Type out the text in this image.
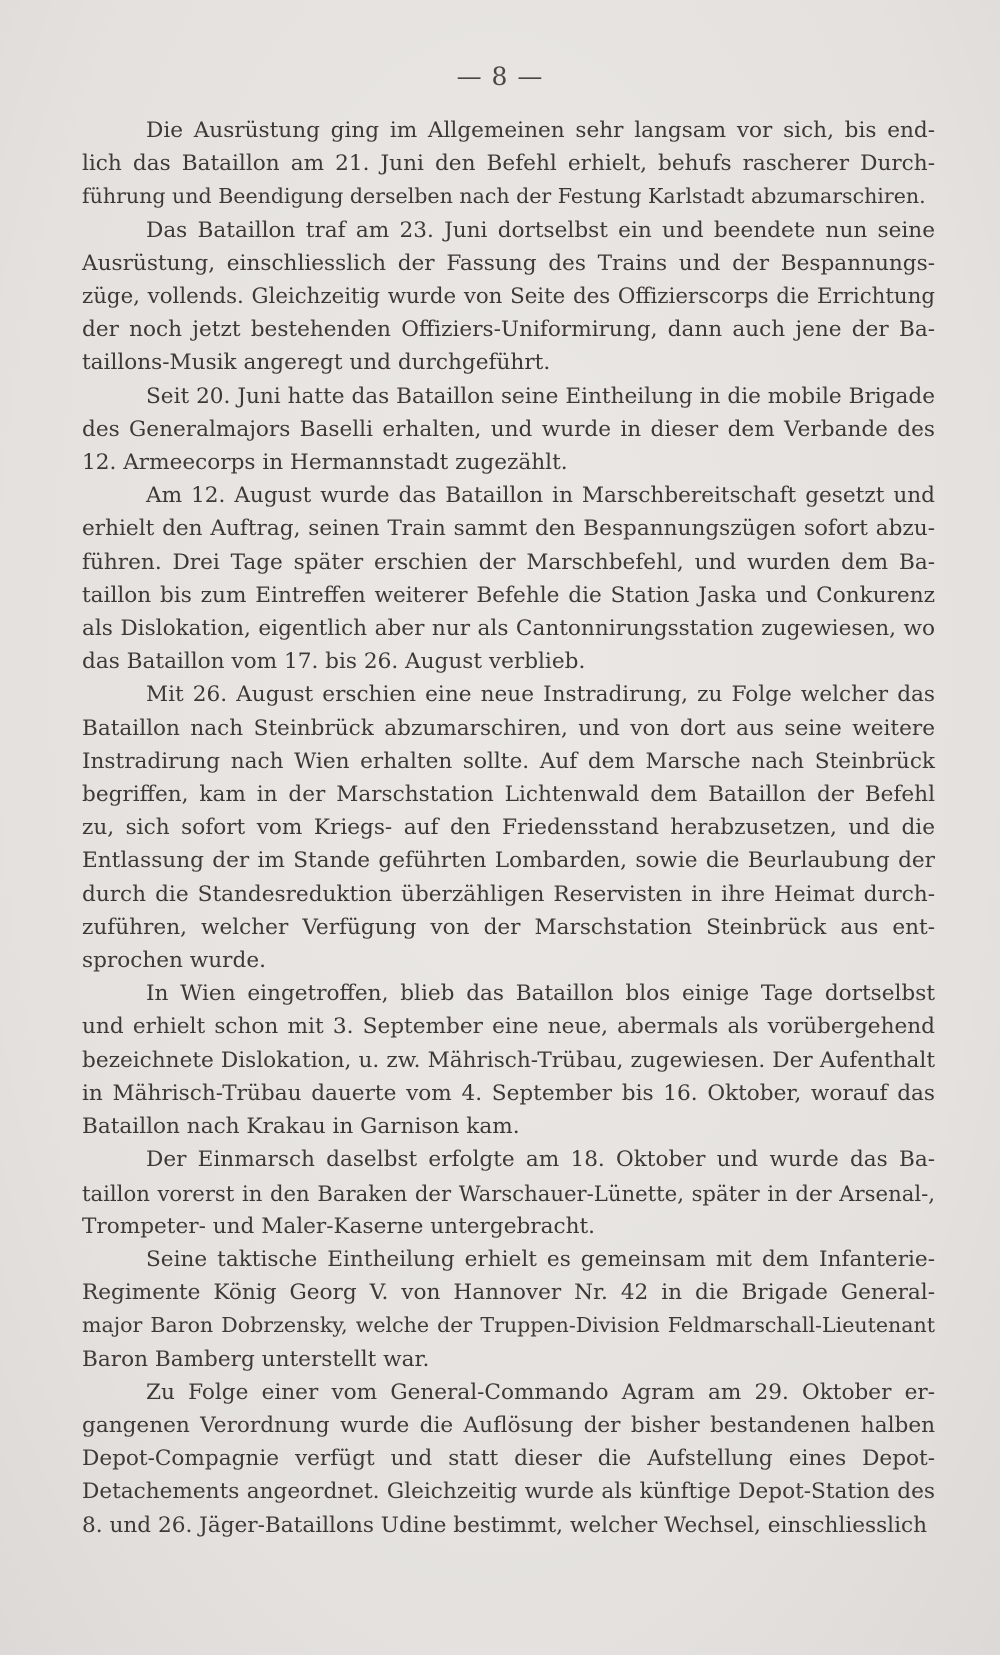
— 8 —
Die Ausrüstung ging im Allgemeinen sehr langsam vor sich, bis end-
lich das Bataillon am 21. Juni den Befehl erhielt, behufs rascherer Durch-
führung und Beendigung derselben nach der Festung Karlstadt abzumarschiren.
Das Bataillon traf am 23. Juni dortselbst ein und beendete nun seine
Ausrüstung, einschliesslich der Fassung des Trains und der Bespannungs-
züge, vollends. Gleichzeitig wurde von Seite des Offizierscorps die Errichtung
der noch jetzt bestehenden Offiziers-Uniformirung, dann auch jene der Ba-
taillons-Musik angeregt und durchgeführt.
Seit 20. Juni hatte das Bataillon seine Eintheilung in die mobile Brigade
des Generalmajors Baselli erhalten, und wurde in dieser dem Verbande des
12. Armeecorps in Hermannstadt zugezählt.
Am 12. August wurde das Bataillon in Marschbereitschaft gesetzt und
erhielt den Auftrag, seinen Train sammt den Bespannungszügen sofort abzu-
führen. Drei Tage später erschien der Marschbefehl, und wurden dem Ba-
taillon bis zum Eintreffen weiterer Befehle die Station Jaska und Conkurenz
als Dislokation, eigentlich aber nur als Cantonnirungsstation zugewiesen, wo
das Bataillon vom 17. bis 26. August verblieb.
Mit 26. August erschien eine neue Instradirung, zu Folge welcher das
Bataillon nach Steinbrück abzumarschiren, und von dort aus seine weitere
Instradirung nach Wien erhalten sollte. Auf dem Marsche nach Steinbrück
begriffen, kam in der Marschstation Lichtenwald dem Bataillon der Befehl
zu, sich sofort vom Kriegs- auf den Friedensstand herabzusetzen, und die
Entlassung der im Stande geführten Lombarden, sowie die Beurlaubung der
durch die Standesreduktion überzähligen Reservisten in ihre Heimat durch-
zuführen, welcher Verfügung von der Marschstation Steinbrück aus ent-
sprochen wurde.
In Wien eingetroffen, blieb das Bataillon blos einige Tage dortselbst
und erhielt schon mit 3. September eine neue, abermals als vorübergehend
bezeichnete Dislokation, u. zw. Mährisch-Trübau, zugewiesen. Der Aufenthalt
in Mährisch-Trübau dauerte vom 4. September bis 16. Oktober, worauf das
Bataillon nach Krakau in Garnison kam.
Der Einmarsch daselbst erfolgte am 18. Oktober und wurde das Ba-
taillon vorerst in den Baraken der Warschauer-Lünette, später in der Arsenal-,
Trompeter- und Maler-Kaserne untergebracht.
Seine taktische Eintheilung erhielt es gemeinsam mit dem Infanterie-
Regimente König Georg V. von Hannover Nr. 42 in die Brigade General-
major Baron Dobrzensky, welche der Truppen-Division Feldmarschall-Lieutenant
Baron Bamberg unterstellt war.
Zu Folge einer vom General-Commando Agram am 29. Oktober er-
gangenen Verordnung wurde die Auflösung der bisher bestandenen halben
Depot-Compagnie verfügt und statt dieser die Aufstellung eines Depot-
Detachements angeordnet. Gleichzeitig wurde als künftige Depot-Station des
8. und 26. Jäger-Bataillons Udine bestimmt, welcher Wechsel, einschliesslich
